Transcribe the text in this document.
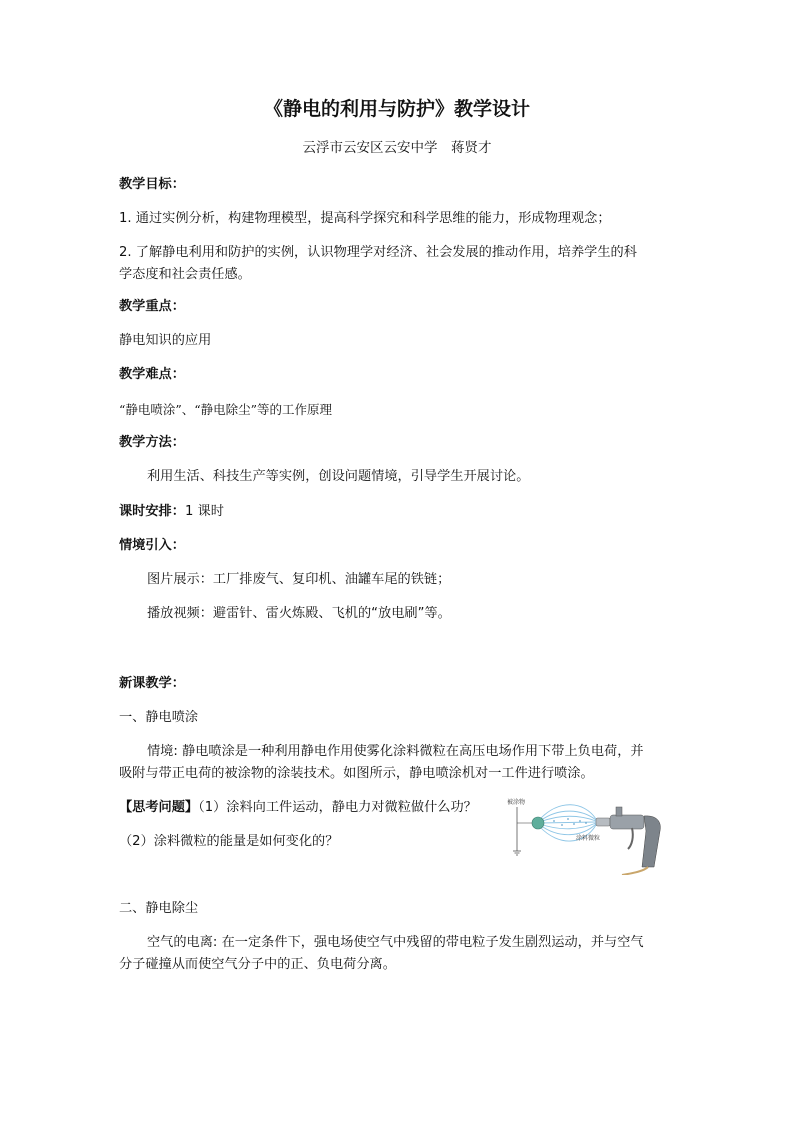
《静电的利用与防护》教学设计
云浮市云安区云安中学　蒋贤才
教学目标：
1. 通过实例分析，构建物理模型，提高科学探究和科学思维的能力，形成物理观念；
2. 了解静电利用和防护的实例，认识物理学对经济、社会发展的推动作用，培养学生的科
学态度和社会责任感。
教学重点：
静电知识的应用
教学难点：
“静电喷涂”、“静电除尘”等的工作原理
教学方法：
利用生活、科技生产等实例，创设问题情境，引导学生开展讨论。
课时安排：1 课时
情境引入：
图片展示：工厂排废气、复印机、油罐车尾的铁链；
播放视频：避雷针、雷火炼殿、飞机的“放电刷”等。
新课教学：
一、静电喷涂
情境: 静电喷涂是一种利用静电作用使雾化涂料微粒在高压电场作用下带上负电荷，并
吸附与带正电荷的被涂物的涂装技术。如图所示，静电喷涂机对一工件进行喷涂。
【思考问题】（1）涂料向工件运动，静电力对微粒做什么功？
（2）涂料微粒的能量是如何变化的？
被涂物
涂料微粒
二、静电除尘
空气的电离: 在一定条件下，强电场使空气中残留的带电粒子发生剧烈运动，并与空气
分子碰撞从而使空气分子中的正、负电荷分离。
